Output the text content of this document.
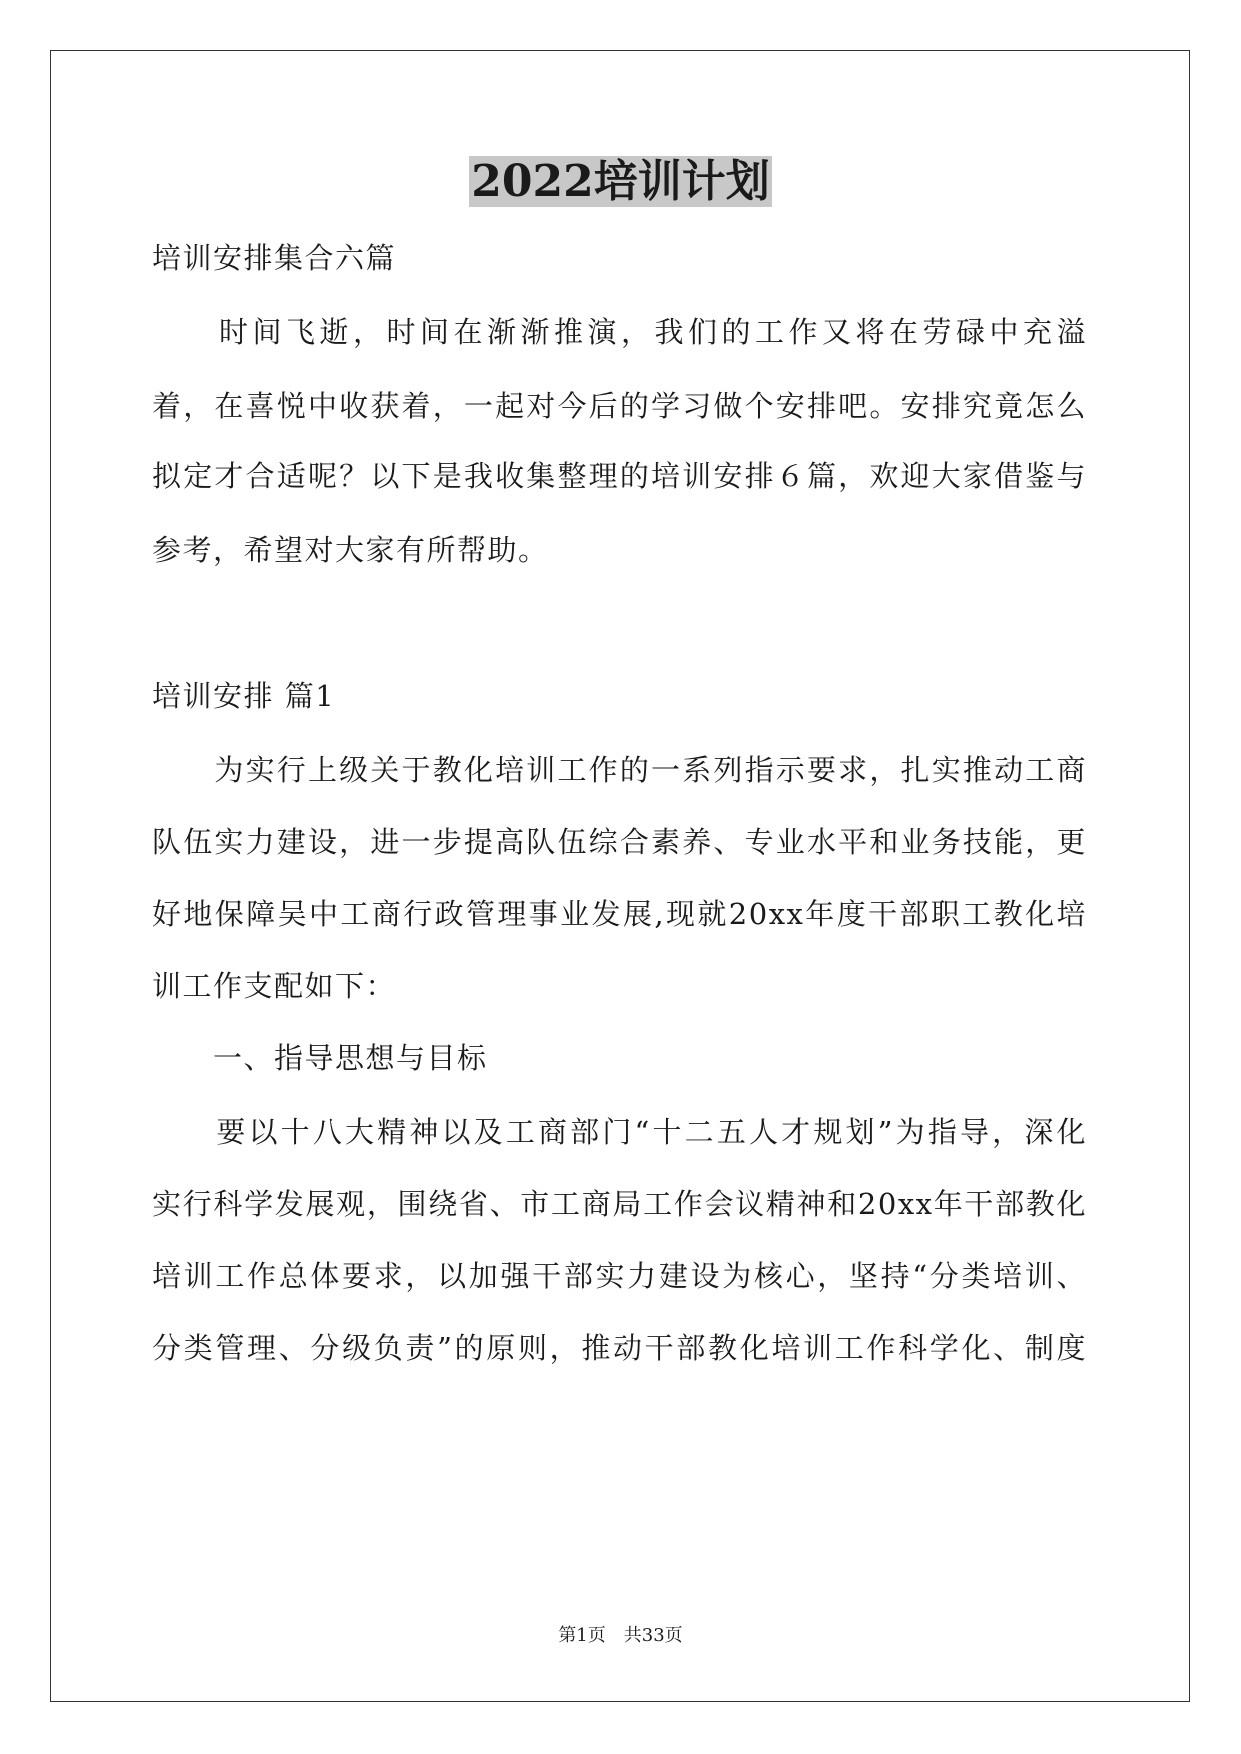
2022培训计划

培训安排集合六篇

　　时间飞逝，时间在渐渐推演，我们的工作又将在劳碌中充溢

着，在喜悦中收获着，一起对今后的学习做个安排吧。安排究竟怎么

拟定才合适呢？以下是我收集整理的培训安排６篇，欢迎大家借鉴与

参考，希望对大家有所帮助。

培训安排 篇1

　　为实行上级关于教化培训工作的一系列指示要求，扎实推动工商

队伍实力建设，进一步提高队伍综合素养、专业水平和业务技能，更

好地保障吴中工商行政管理事业发展,现就20xx年度干部职工教化培

训工作支配如下：

　　一、指导思想与目标

　　要以十八大精神以及工商部门“十二五人才规划”为指导，深化

实行科学发展观，围绕省、市工商局工作会议精神和20xx年干部教化

培训工作总体要求，以加强干部实力建设为核心，坚持“分类培训、

分类管理、分级负责”的原则，推动干部教化培训工作科学化、制度

第1页　共33页
